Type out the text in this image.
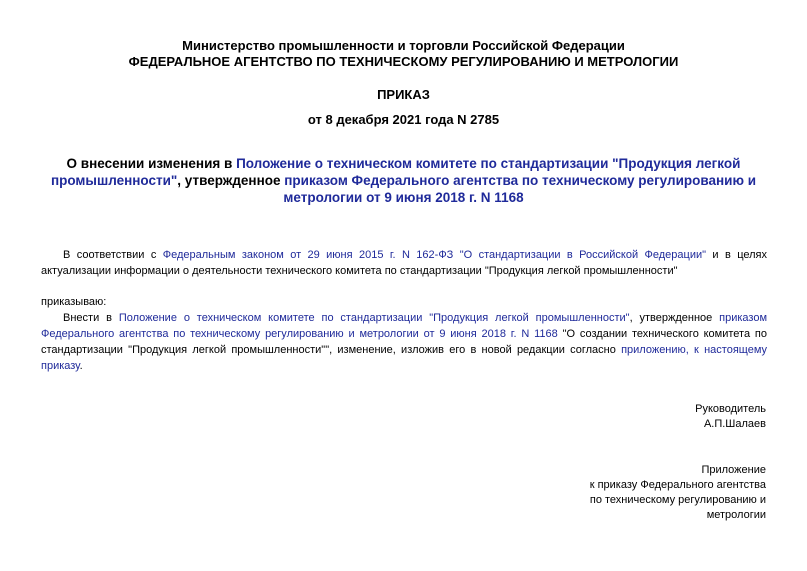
Министерство промышленности и торговли Российской Федерации
ФЕДЕРАЛЬНОЕ АГЕНТСТВО ПО ТЕХНИЧЕСКОМУ РЕГУЛИРОВАНИЮ И МЕТРОЛОГИИ
ПРИКАЗ
от 8 декабря 2021 года N 2785
О внесении изменения в Положение о техническом комитете по стандартизации "Продукция легкой промышленности", утвержденное приказом Федерального агентства по техническому регулированию и метрологии от 9 июня 2018 г. N 1168
В соответствии с Федеральным законом от 29 июня 2015 г. N 162-ФЗ "О стандартизации в Российской Федерации" и в целях актуализации информации о деятельности технического комитета по стандартизации "Продукция легкой промышленности"
приказываю:
Внести в Положение о техническом комитете по стандартизации "Продукция легкой промышленности", утвержденное приказом Федерального агентства по техническому регулированию и метрологии от 9 июня 2018 г. N 1168 "О создании технического комитета по стандартизации "Продукция легкой промышленности"", изменение, изложив его в новой редакции согласно приложению, к настоящему приказу.
Руководитель
А.П.Шалаев
Приложение
к приказу Федерального агентства
по техническому регулированию и
метрологии
